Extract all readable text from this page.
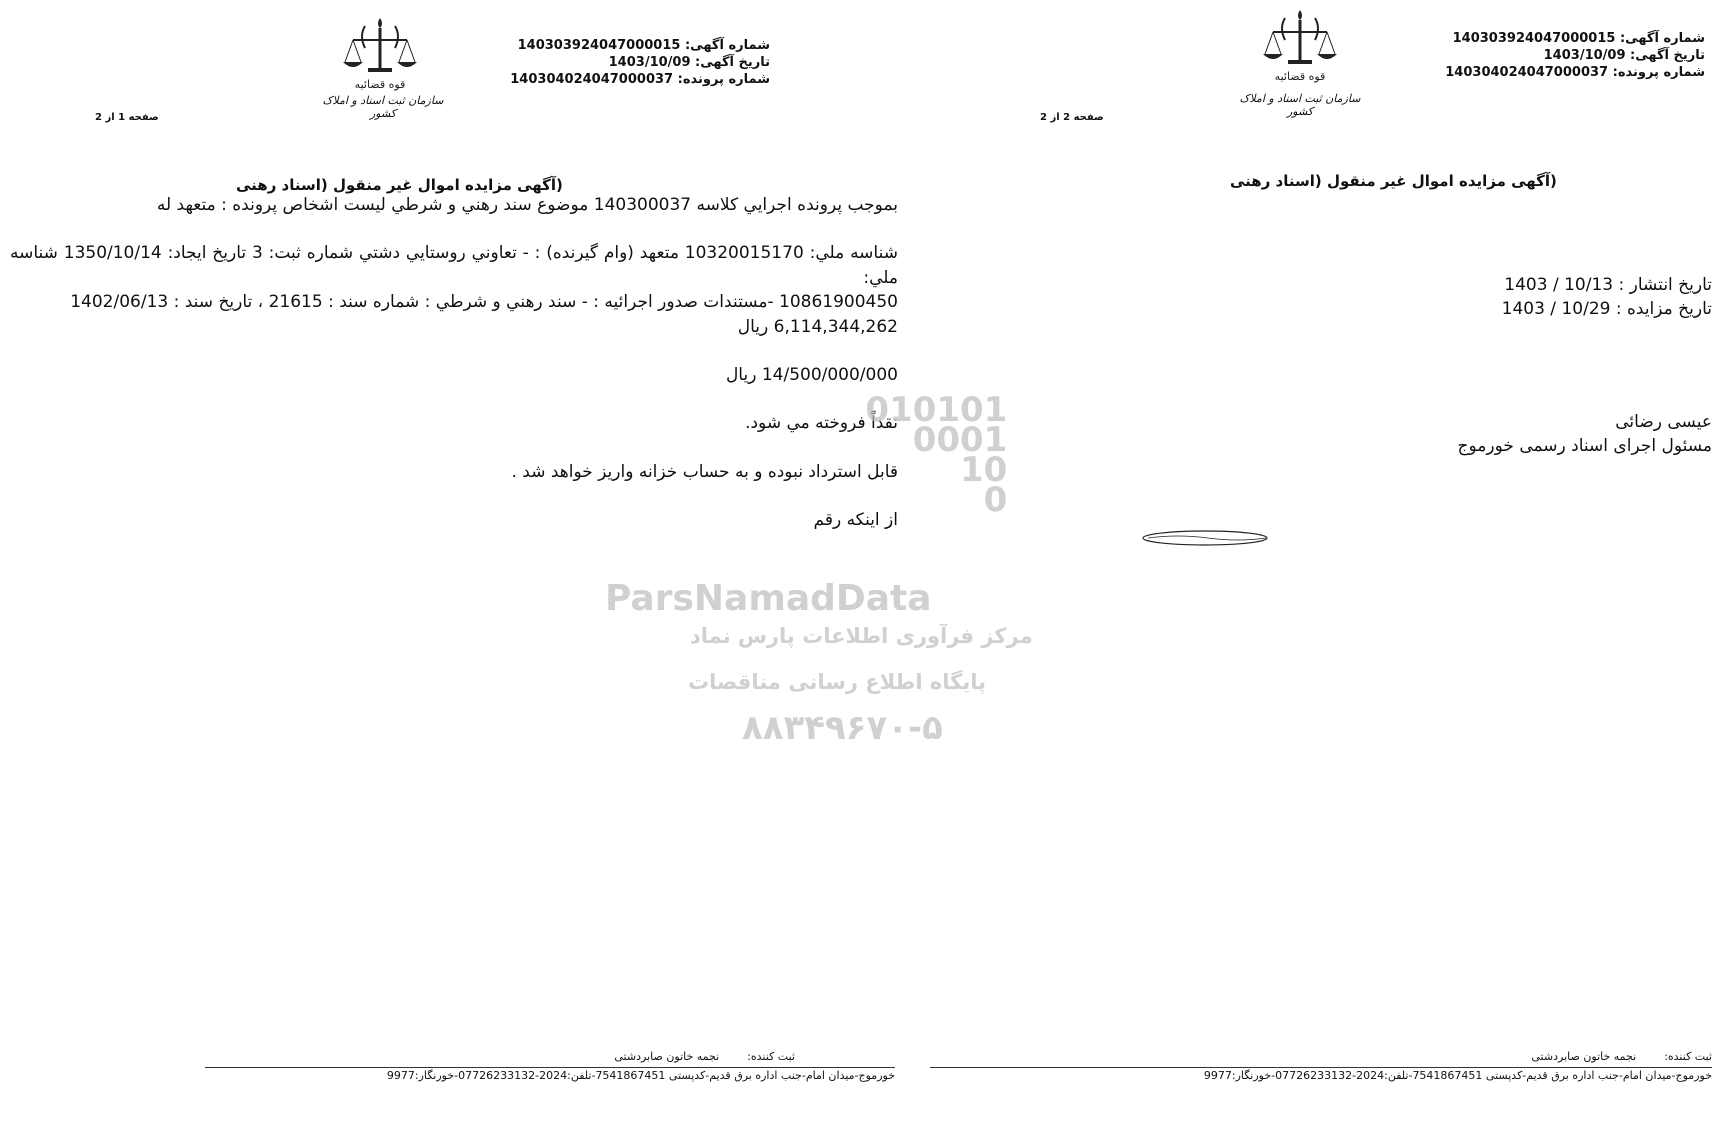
شماره آگهی: 140303924047000015
تاريخ آگهی: 1403/10/09
شماره پرونده: 140304024047000037
قوه قضائیه
سازمان ثبت اسناد و املاک کشور
صفحه 1 از 2
(آگهی مزايده اموال غير منقول (اسناد رهنی

بموجب پرونده اجرايي كلاسه 140300037 موضوع سند رهني و شرطي ليست اشخاص پرونده : متعهد له

شناسه ملي: 10320015170 متعهد (وام گيرنده) : - تعاوني روستايي دشتي شماره ثبت: 3 تاريخ ايجاد: 1350/10/14 شناسه ملي:

10861900450 -مستندات صدور اجرائيه : - سند رهني و شرطي : شماره سند : 21615 ، تاريخ سند : 1402/06/13

6,114,344,262 ريال

14/500/000/000 ريال

نقداً فروخته مي شود.

قابل استرداد نبوده و به حساب خزانه واريز خواهد شد .

از اينكه رقم

ثبت کننده:        نجمه خاتون صابردشتی
خورموج-میدان امام-جنب اداره برق قدیم-کدپستی 7541867451-تلفن:2024-07726233132-خورنگار:9977
شماره آگهی: 140303924047000015
تاريخ آگهی: 1403/10/09
شماره پرونده: 140304024047000037
قوه قضائیه
سازمان ثبت اسناد و املاک کشور
صفحه 2 از 2
(آگهی مزايده اموال غير منقول (اسناد رهنی

تاريخ انتشار : 10/13 / 1403

تاريخ مزايده : 10/29 / 1403

عیسی رضائی
مسئول اجرای اسناد رسمی خورموج
ثبت کننده:        نجمه خاتون صابردشتی
خورموج-میدان امام-جنب اداره برق قدیم-کدپستی 7541867451-تلفن:2024-07726233132-خورنگار:9977
010101
0001
10
0
ParsNamadData
مرکز فرآوری اطلاعات پارس نماد
پایگاه اطلاع رسانی مناقصات
۸۸۳۴۹۶۷۰-۵
